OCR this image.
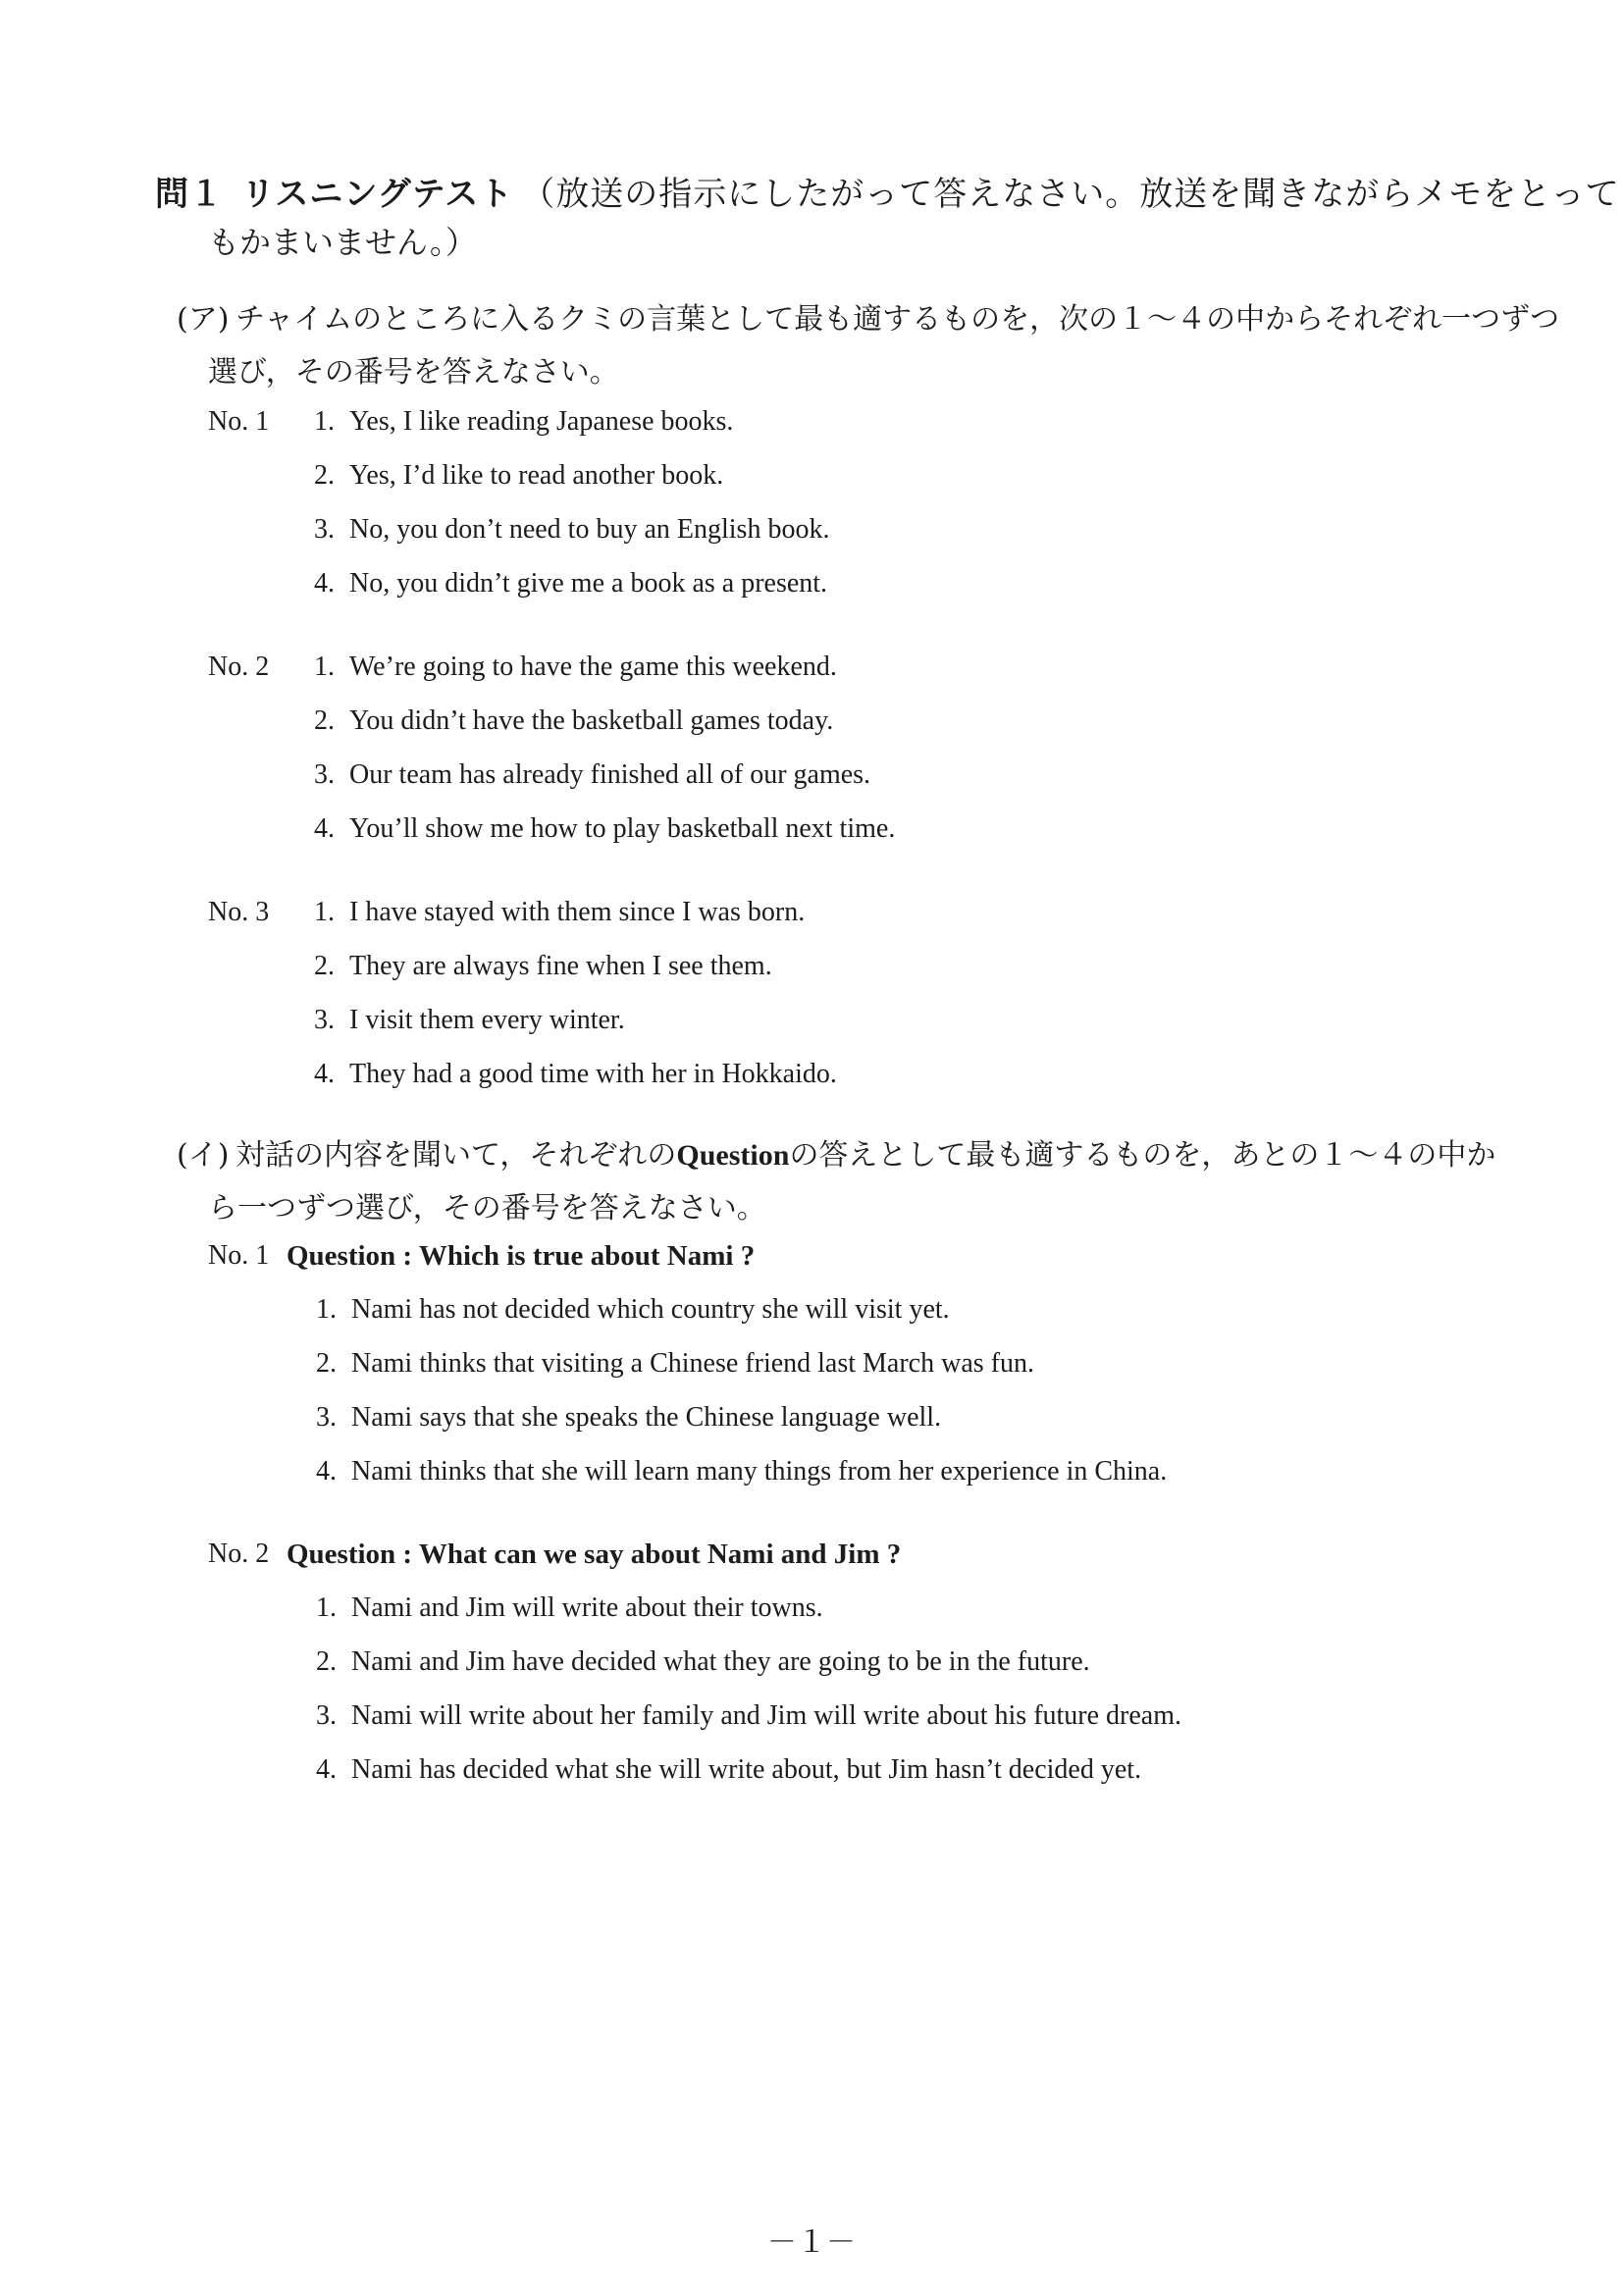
問１ リスニングテスト （放送の指示にしたがって答えなさい。放送を聞きながらメモをとって
もかまいません。）
(ア) チャイムのところに入るクミの言葉として最も適するものを，次の１～４の中からそれぞれ一つずつ
選び，その番号を答えなさい。
No. 1 1. Yes, I like reading Japanese books.
2. Yes, I’d like to read another book.
3. No, you don’t need to buy an English book.
4. No, you didn’t give me a book as a present.
No. 2 1. We’re going to have the game this weekend.
2. You didn’t have the basketball games today.
3. Our team has already finished all of our games.
4. You’ll show me how to play basketball next time.
No. 3 1. I have stayed with them since I was born.
2. They are always fine when I see them.
3. I visit them every winter.
4. They had a good time with her in Hokkaido.
(イ) 対話の内容を聞いて，それぞれのQuestionの答えとして最も適するものを，あとの１～４の中か
ら一つずつ選び，その番号を答えなさい。
No. 1 Question : Which is true about Nami ?
1. Nami has not decided which country she will visit yet.
2. Nami thinks that visiting a Chinese friend last March was fun.
3. Nami says that she speaks the Chinese language well.
4. Nami thinks that she will learn many things from her experience in China.
No. 2 Question : What can we say about Nami and Jim ?
1. Nami and Jim will write about their towns.
2. Nami and Jim have decided what they are going to be in the future.
3. Nami will write about her family and Jim will write about his future dream.
4. Nami has decided what she will write about, but Jim hasn’t decided yet.
－１－
